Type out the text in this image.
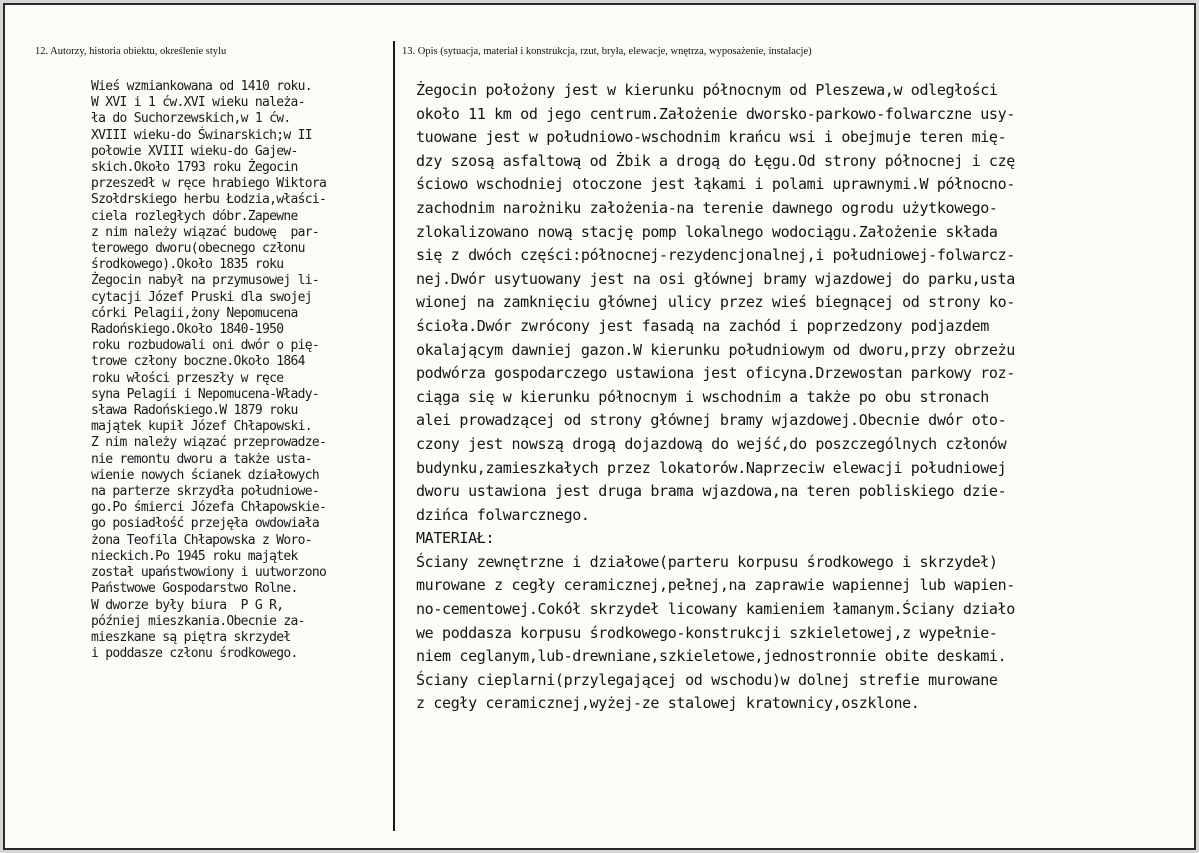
12. Autorzy, historia obiektu, określenie stylu	13. Opis (sytuacja, materiał i konstrukcja, rzut, bryła, elewacje, wnętrza, wyposażenie, instalacje)
Wieś wzmiankowana od 1410 roku.
W XVI i 1 ćw.XVI wieku należa-
ła do Suchorzewskich,w 1 ćw.
XVIII wieku-do Świnarskich;w II
połowie XVIII wieku-do Gajew-
skich.Około 1793 roku Żegocin
przeszedł w ręce hrabiego Wiktora
Szołdrskiego herbu Łodzia,właści-
ciela rozległych dóbr.Zapewne
z nim należy wiązać budowę  par-
terowego dworu(obecnego członu
środkowego).Około 1835 roku
Żegocin nabył na przymusowej li-
cytacji Józef Pruski dla swojej
córki Pelagii,żony Nepomucena
Radońskiego.Około 1840-1950
roku rozbudowali oni dwór o pię-
trowe człony boczne.Około 1864
roku włości przeszły w ręce
syna Pelagii i Nepomucena-Włady-
sława Radońskiego.W 1879 roku
majątek kupił Józef Chłapowski.
Z nim należy wiązać przeprowadze-
nie remontu dworu a także usta-
wienie nowych ścianek działowych
na parterze skrzydła południowe-
go.Po śmierci Józefa Chłapowskie-
go posiadłość przejęła owdowiała
żona Teofila Chłapowska z Woro-
nieckich.Po 1945 roku majątek
został upaństwowiony i uutworzono
Państwowe Gospodarstwo Rolne.
W dworze były biura  P G R,
później mieszkania.Obecnie za-
mieszkane są piętra skrzydeł
i poddasze członu środkowego.
Żegocin położony jest w kierunku północnym od Pleszewa,w odległości
około 11 km od jego centrum.Założenie dworsko-parkowo-folwarczne usy-
tuowane jest w południowo-wschodnim krańcu wsi i obejmuje teren mię-
dzy szosą asfaltową od Żbik a drogą do Łęgu.Od strony północnej i czę
ściowo wschodniej otoczone jest łąkami i polami uprawnymi.W północno-
zachodnim narożniku założenia-na terenie dawnego ogrodu użytkowego-
zlokalizowano nową stację pomp lokalnego wodociągu.Założenie składa
się z dwóch części:północnej-rezydencjonalnej,i południowej-folwarcz-
nej.Dwór usytuowany jest na osi głównej bramy wjazdowej do parku,usta
wionej na zamknięciu głównej ulicy przez wieś biegnącej od strony ko-
ścioła.Dwór zwrócony jest fasadą na zachód i poprzedzony podjazdem
okalającym dawniej gazon.W kierunku południowym od dworu,przy obrzeżu
podwórza gospodarczego ustawiona jest oficyna.Drzewostan parkowy roz-
ciąga się w kierunku północnym i wschodnim a także po obu stronach
alei prowadzącej od strony głównej bramy wjazdowej.Obecnie dwór oto-
czony jest nowszą drogą dojazdową do wejść,do poszczególnych członów
budynku,zamieszkałych przez lokatorów.Naprzeciw elewacji południowej
dworu ustawiona jest druga brama wjazdowa,na teren pobliskiego dzie-
dzińca folwarcznego.
MATERIAŁ:
Ściany zewnętrzne i działowe(parteru korpusu środkowego i skrzydeł)
murowane z cegły ceramicznej,pełnej,na zaprawie wapiennej lub wapien-
no-cementowej.Cokół skrzydeł licowany kamieniem łamanym.Ściany działo
we poddasza korpusu środkowego-konstrukcji szkieletowej,z wypełnie-
niem ceglanym,lub-drewniane,szkieletowe,jednostronnie obite deskami.
Ściany cieplarni(przylegającej od wschodu)w dolnej strefie murowane
z cegły ceramicznej,wyżej-ze stalowej kratownicy,oszklone.
